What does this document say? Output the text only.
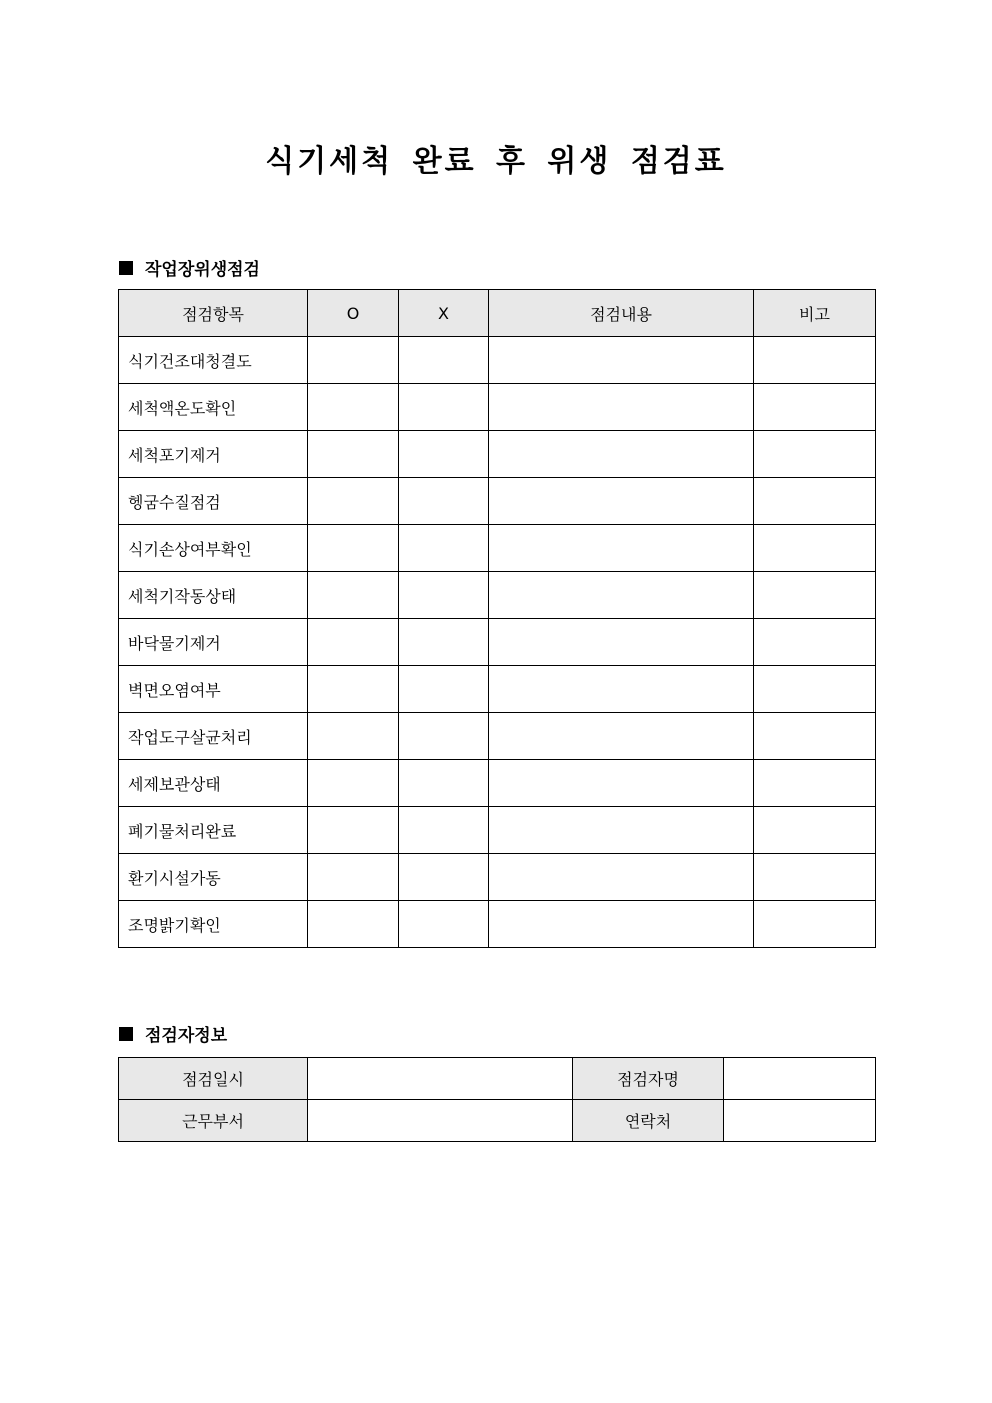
식기세척 완료 후 위생 점검표
작업장위생점검
점검항목	O	X	점검내용	비고
식기건조대청결도				
세척액온도확인				
세척포기제거				
헹굼수질점검				
식기손상여부확인				
세척기작동상태				
바닥물기제거				
벽면오염여부				
작업도구살균처리				
세제보관상태				
폐기물처리완료				
환기시설가동				
조명밝기확인				
점검자정보
점검일시		점검자명	
근무부서		연락처	
